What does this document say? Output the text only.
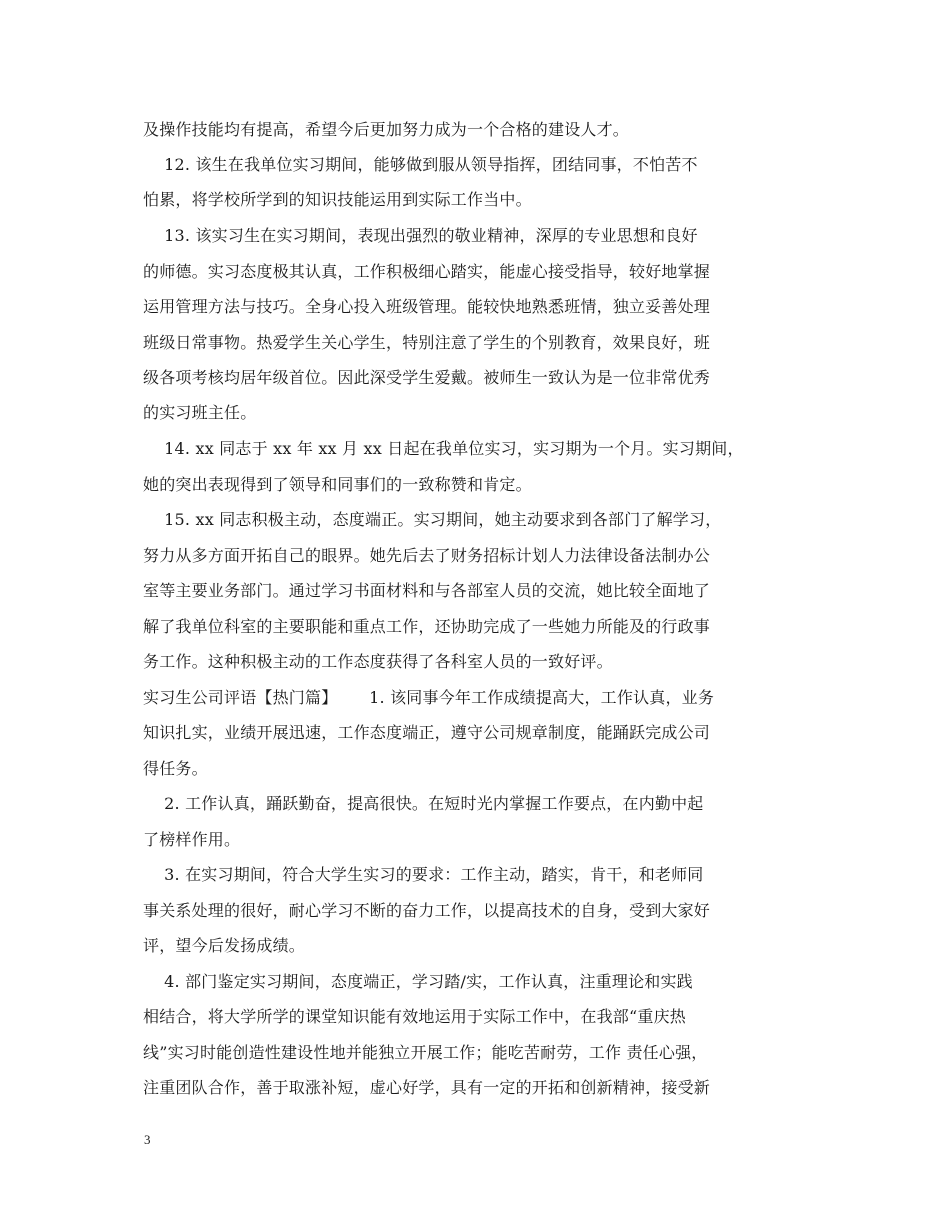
及操作技能均有提高，希望今后更加努力成为一个合格的建设人才。
12. 该生在我单位实习期间，能够做到服从领导指挥，团结同事，不怕苦不
怕累，将学校所学到的知识技能运用到实际工作当中。
13. 该实习生在实习期间，表现出强烈的敬业精神，深厚的专业思想和良好
的师德。实习态度极其认真，工作积极细心踏实，能虚心接受指导，较好地掌握
运用管理方法与技巧。全身心投入班级管理。能较快地熟悉班情，独立妥善处理
班级日常事物。热爱学生关心学生，特别注意了学生的个别教育，效果良好，班
级各项考核均居年级首位。因此深受学生爱戴。被师生一致认为是一位非常优秀
的实习班主任。
14. xx 同志于 xx 年 xx 月 xx 日起在我单位实习，实习期为一个月。实习期间，
她的突出表现得到了领导和同事们的一致称赞和肯定。
15. xx 同志积极主动，态度端正。实习期间，她主动要求到各部门了解学习，
努力从多方面开拓自己的眼界。她先后去了财务招标计划人力法律设备法制办公
室等主要业务部门。通过学习书面材料和与各部室人员的交流，她比较全面地了
解了我单位科室的主要职能和重点工作，还协助完成了一些她力所能及的行政事
务工作。这种积极主动的工作态度获得了各科室人员的一致好评。
实习生公司评语【热门篇】      1. 该同事今年工作成绩提高大，工作认真，业务
知识扎实，业绩开展迅速，工作态度端正，遵守公司规章制度，能踊跃完成公司
得任务。
2. 工作认真，踊跃勤奋，提高很快。在短时光内掌握工作要点，在内勤中起
了榜样作用。
3. 在实习期间，符合大学生实习的要求：工作主动，踏实，肯干，和老师同
事关系处理的很好，耐心学习不断的奋力工作，以提高技术的自身，受到大家好
评，望今后发扬成绩。
4. 部门鉴定实习期间，态度端正，学习踏/实，工作认真，注重理论和实践
相结合，将大学所学的课堂知识能有效地运用于实际工作中，在我部“重庆热
线”实习时能创造性建设性地并能独立开展工作；能吃苦耐劳，工作 责任心强，
注重团队合作，善于取涨补短，虚心好学，具有一定的开拓和创新精神，接受新
3
